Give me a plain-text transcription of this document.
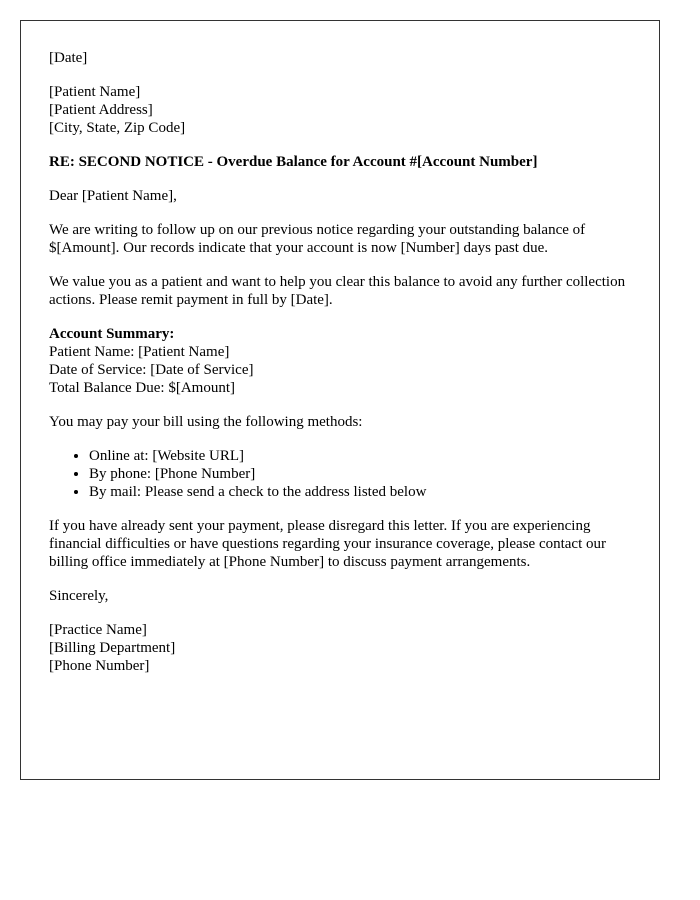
[Date]

[Patient Name]
[Patient Address]
[City, State, Zip Code]

RE: SECOND NOTICE - Overdue Balance for Account #[Account Number]

Dear [Patient Name],

We are writing to follow up on our previous notice regarding your outstanding balance of $[Amount]. Our records indicate that your account is now [Number] days past due.

We value you as a patient and want to help you clear this balance to avoid any further collection actions. Please remit payment in full by [Date].

Account Summary:
Patient Name: [Patient Name]
Date of Service: [Date of Service]
Total Balance Due: $[Amount]

You may pay your bill using the following methods:

• Online at: [Website URL]
• By phone: [Phone Number]
• By mail: Please send a check to the address listed below

If you have already sent your payment, please disregard this letter. If you are experiencing financial difficulties or have questions regarding your insurance coverage, please contact our billing office immediately at [Phone Number] to discuss payment arrangements.

Sincerely,

[Practice Name]
[Billing Department]
[Phone Number]
